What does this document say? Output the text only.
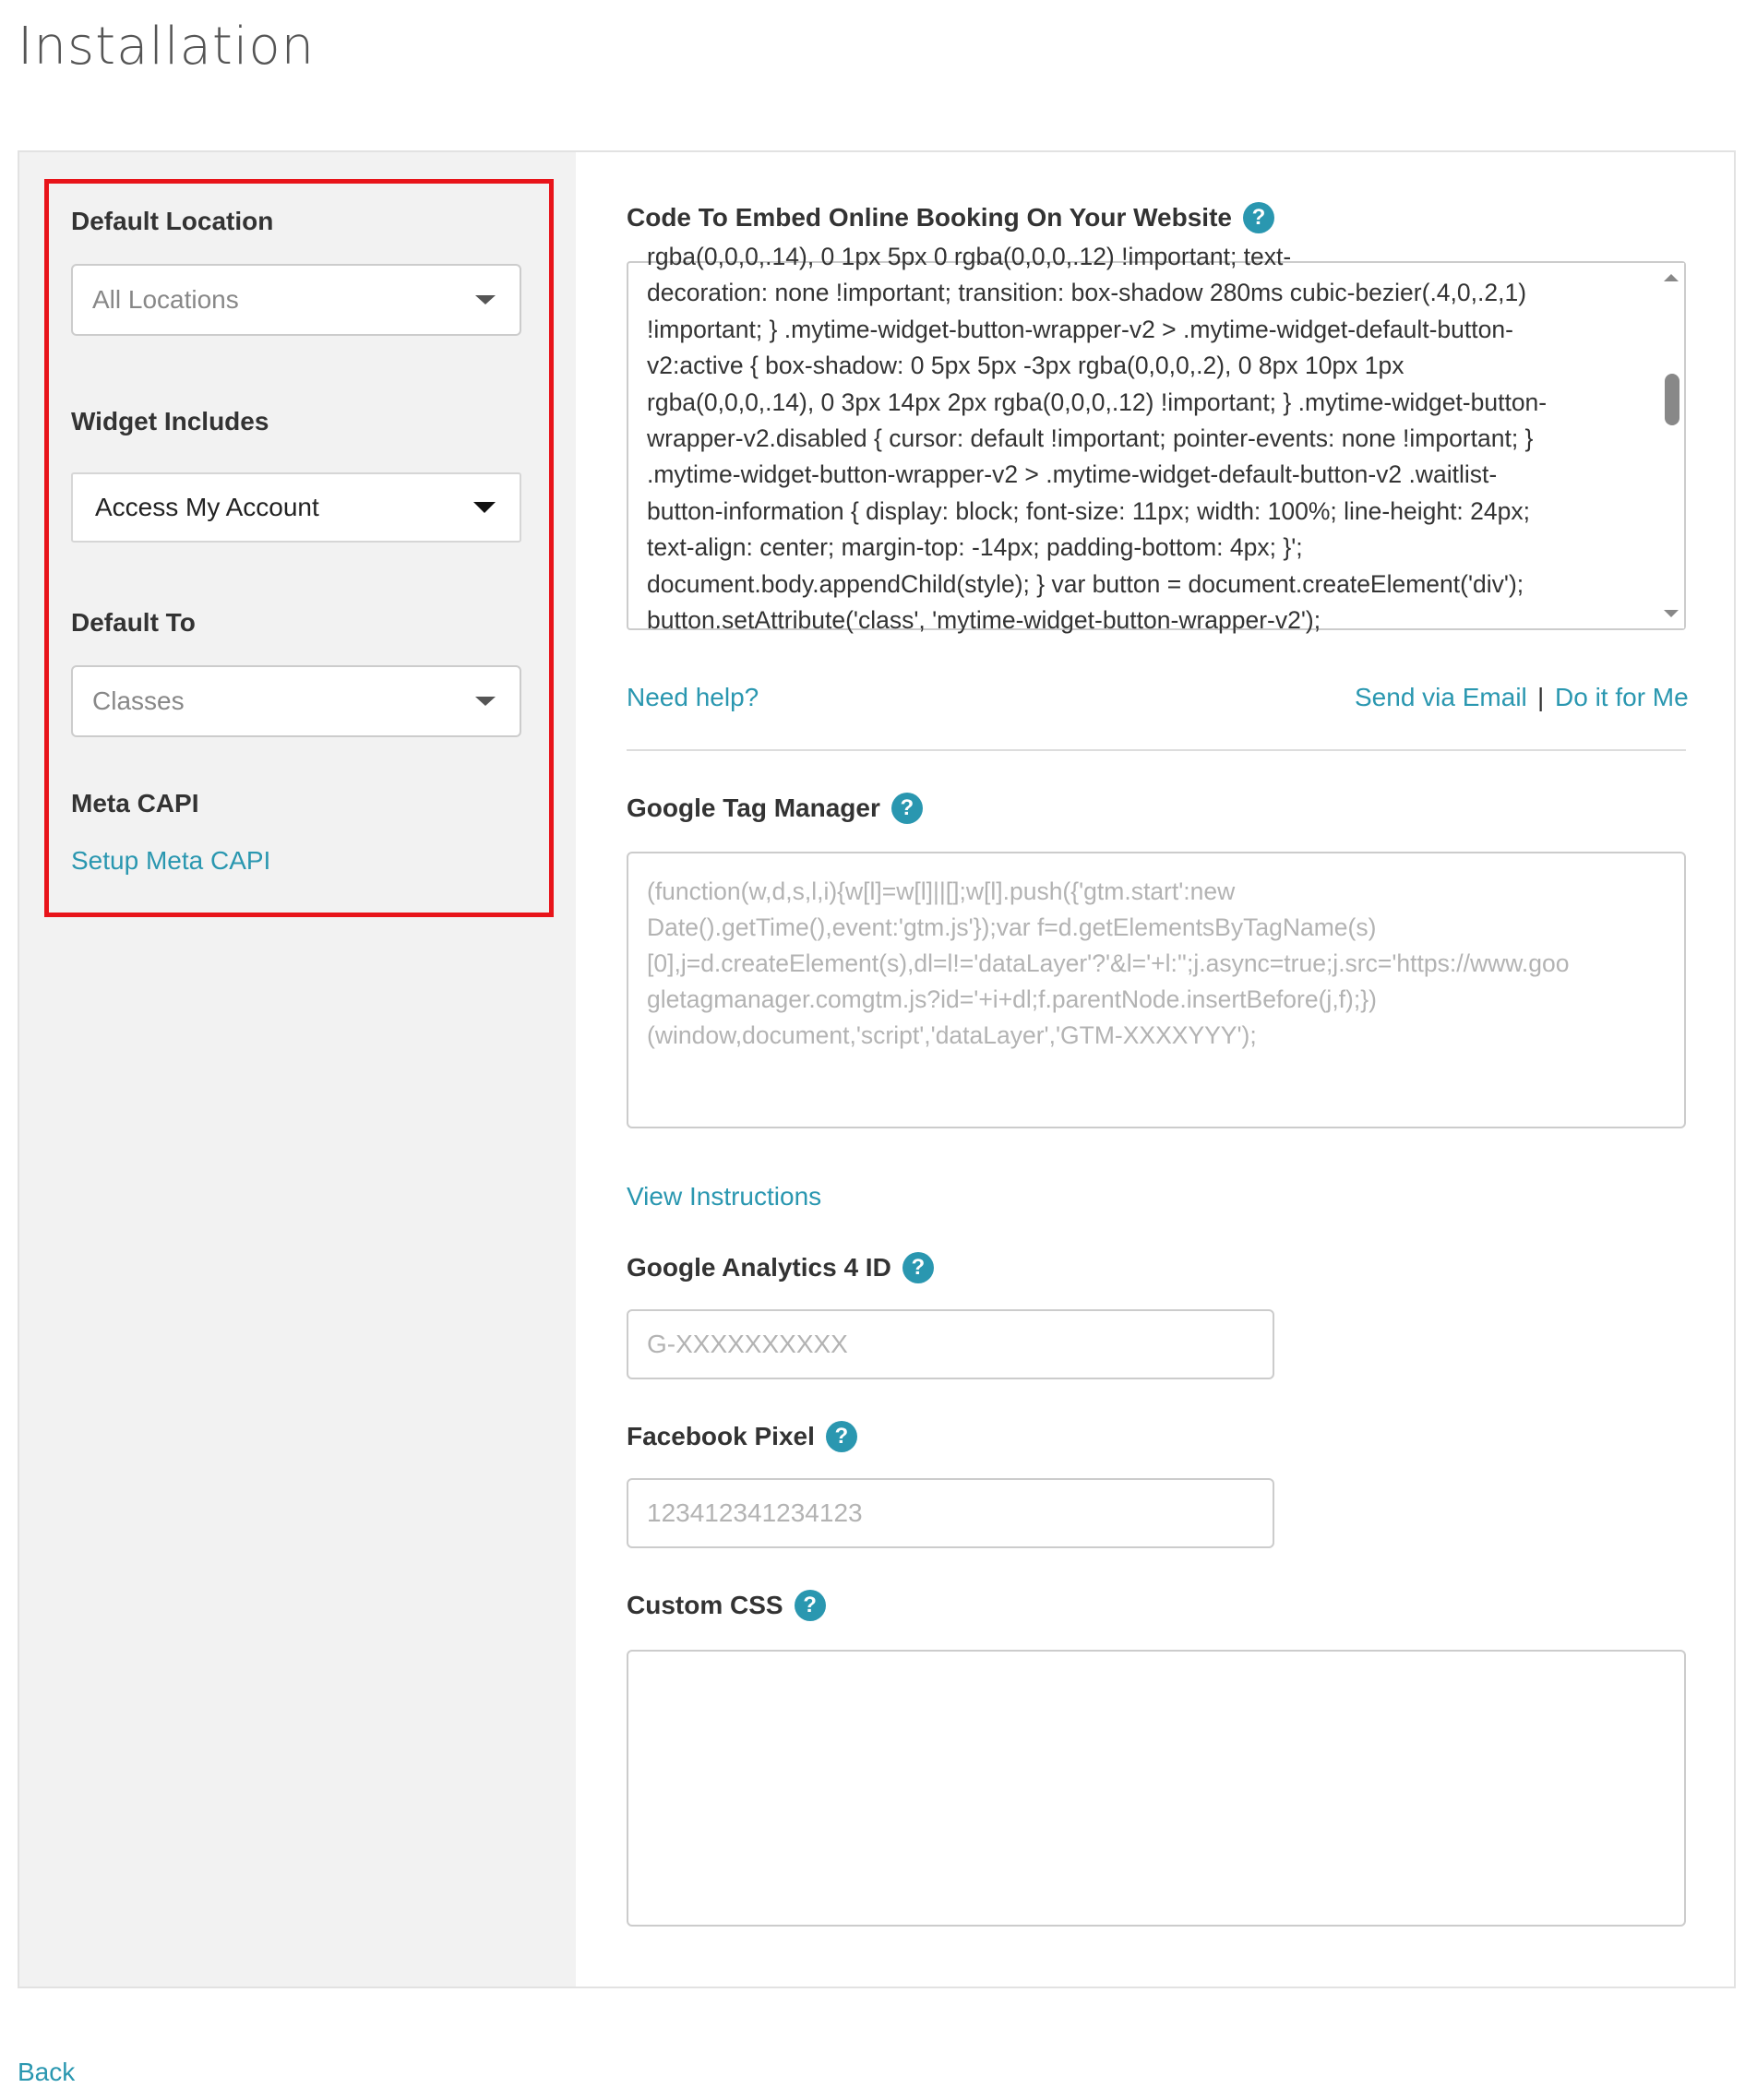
Installation
Default Location
All Locations
Widget Includes
Access My Account
Default To
Classes
Meta CAPI
Setup Meta CAPI
Code To Embed Online Booking On Your Website ?
rgba(0,0,0,.14), 0 1px 5px 0 rgba(0,0,0,.12) !important; text-
decoration: none !important; transition: box-shadow 280ms cubic-bezier(.4,0,.2,1)
!important; } .mytime-widget-button-wrapper-v2 > .mytime-widget-default-button-
v2:active { box-shadow: 0 5px 5px -3px rgba(0,0,0,.2), 0 8px 10px 1px
rgba(0,0,0,.14), 0 3px 14px 2px rgba(0,0,0,.12) !important; } .mytime-widget-button-
wrapper-v2.disabled { cursor: default !important; pointer-events: none !important; }
.mytime-widget-button-wrapper-v2 > .mytime-widget-default-button-v2 .waitlist-
button-information { display: block; font-size: 11px; width: 100%; line-height: 24px;
text-align: center; margin-top: -14px; padding-bottom: 4px; }';
document.body.appendChild(style); } var button = document.createElement('div');
button.setAttribute('class', 'mytime-widget-button-wrapper-v2');
Need help?	Send via Email | Do it for Me
Google Tag Manager ?
(function(w,d,s,l,i){w[l]=w[l]||[];w[l].push({'gtm.start':new
Date().getTime(),event:'gtm.js'});var f=d.getElementsByTagName(s)
[0],j=d.createElement(s),dl=l!='dataLayer'?'&l='+l:'';j.async=true;j.src='https://www.goo
gletagmanager.comgtm.js?id='+i+dl;f.parentNode.insertBefore(j,f);})
(window,document,'script','dataLayer','GTM-XXXXYYY');
View Instructions
Google Analytics 4 ID ?
G-XXXXXXXXXX
Facebook Pixel ?
123412341234123
Custom CSS ?
Back
